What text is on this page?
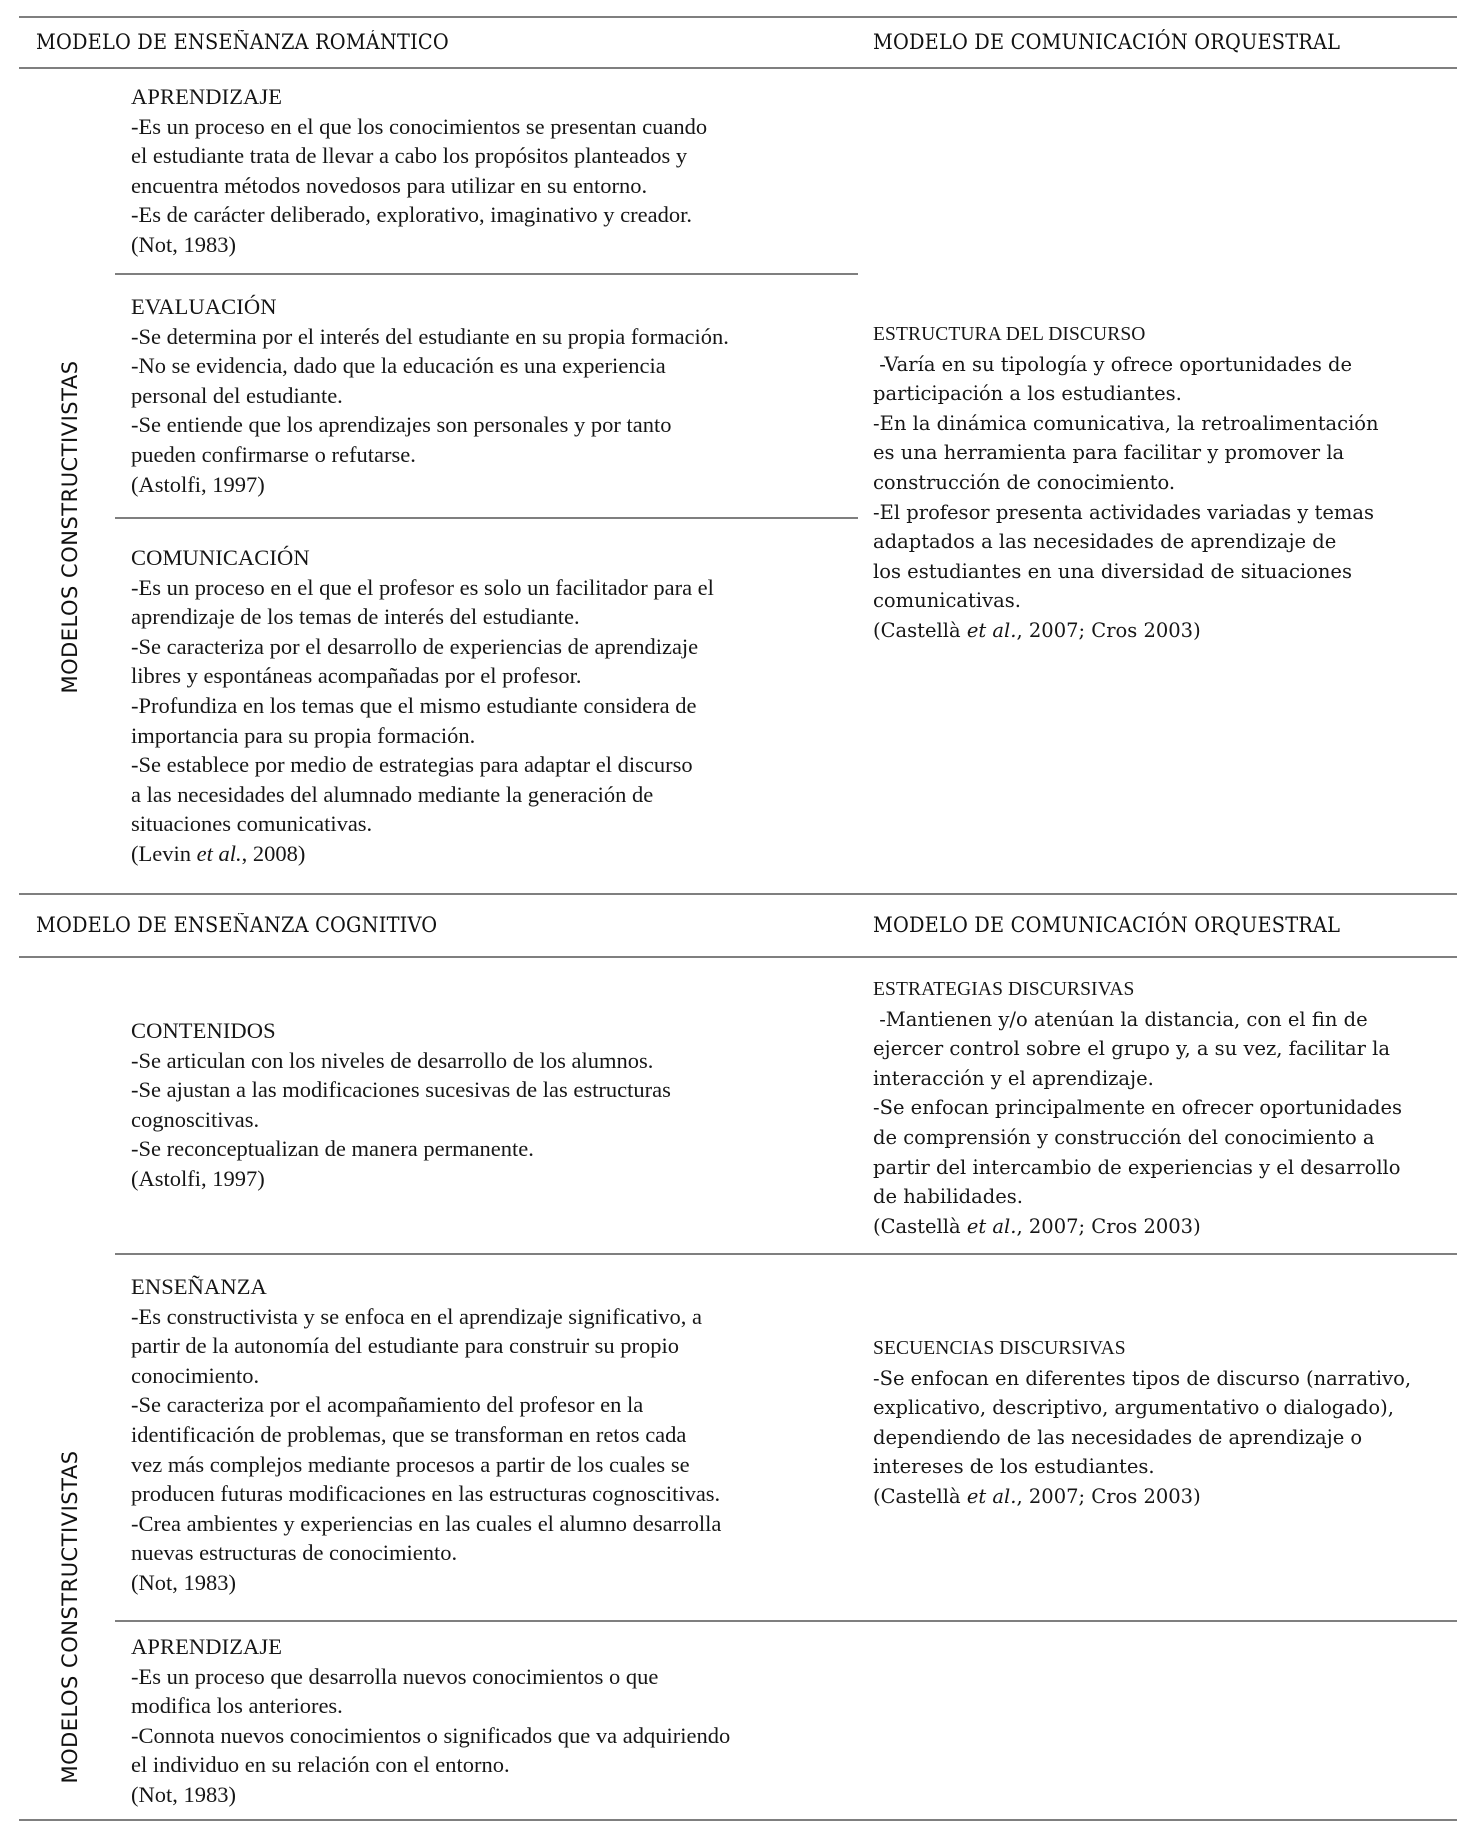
MODELO DE ENSEÑANZA ROMÁNTICO	MODELO DE COMUNICACIÓN ORQUESTRAL
MODELOS CONSTRUCTIVISTAS
APRENDIZAJE
-Es un proceso en el que los conocimientos se presentan cuando
el estudiante trata de llevar a cabo los propósitos planteados y
encuentra métodos novedosos para utilizar en su entorno.
-Es de carácter deliberado, explorativo, imaginativo y creador.
(Not, 1983)
EVALUACIÓN
-Se determina por el interés del estudiante en su propia formación.
-No se evidencia, dado que la educación es una experiencia
personal del estudiante.
-Se entiende que los aprendizajes son personales y por tanto
pueden confirmarse o refutarse.
(Astolfi, 1997)
COMUNICACIÓN
-Es un proceso en el que el profesor es solo un facilitador para el
aprendizaje de los temas de interés del estudiante.
-Se caracteriza por el desarrollo de experiencias de aprendizaje
libres y espontáneas acompañadas por el profesor.
-Profundiza en los temas que el mismo estudiante considera de
importancia para su propia formación.
-Se establece por medio de estrategias para adaptar el discurso
a las necesidades del alumnado mediante la generación de
situaciones comunicativas.
(Levin et al., 2008)
ESTRUCTURA DEL DISCURSO
-Varía en su tipología y ofrece oportunidades de
participación a los estudiantes.
-En la dinámica comunicativa, la retroalimentación
es una herramienta para facilitar y promover la
construcción de conocimiento.
-El profesor presenta actividades variadas y temas
adaptados a las necesidades de aprendizaje de
los estudiantes en una diversidad de situaciones
comunicativas.
(Castellà et al., 2007; Cros 2003)
MODELO DE ENSEÑANZA COGNITIVO	MODELO DE COMUNICACIÓN ORQUESTRAL
MODELOS CONSTRUCTIVISTAS
CONTENIDOS
-Se articulan con los niveles de desarrollo de los alumnos.
-Se ajustan a las modificaciones sucesivas de las estructuras
cognoscitivas.
-Se reconceptualizan de manera permanente.
(Astolfi, 1997)
ESTRATEGIAS DISCURSIVAS
-Mantienen y/o atenúan la distancia, con el fin de
ejercer control sobre el grupo y, a su vez, facilitar la
interacción y el aprendizaje.
-Se enfocan principalmente en ofrecer oportunidades
de comprensión y construcción del conocimiento a
partir del intercambio de experiencias y el desarrollo
de habilidades.
(Castellà et al., 2007; Cros 2003)
ENSEÑANZA
-Es constructivista y se enfoca en el aprendizaje significativo, a
partir de la autonomía del estudiante para construir su propio
conocimiento.
-Se caracteriza por el acompañamiento del profesor en la
identificación de problemas, que se transforman en retos cada
vez más complejos mediante procesos a partir de los cuales se
producen futuras modificaciones en las estructuras cognoscitivas.
-Crea ambientes y experiencias en las cuales el alumno desarrolla
nuevas estructuras de conocimiento.
(Not, 1983)
SECUENCIAS DISCURSIVAS
-Se enfocan en diferentes tipos de discurso (narrativo,
explicativo, descriptivo, argumentativo o dialogado),
dependiendo de las necesidades de aprendizaje o
intereses de los estudiantes.
(Castellà et al., 2007; Cros 2003)
APRENDIZAJE
-Es un proceso que desarrolla nuevos conocimientos o que
modifica los anteriores.
-Connota nuevos conocimientos o significados que va adquiriendo
el individuo en su relación con el entorno.
(Not, 1983)
